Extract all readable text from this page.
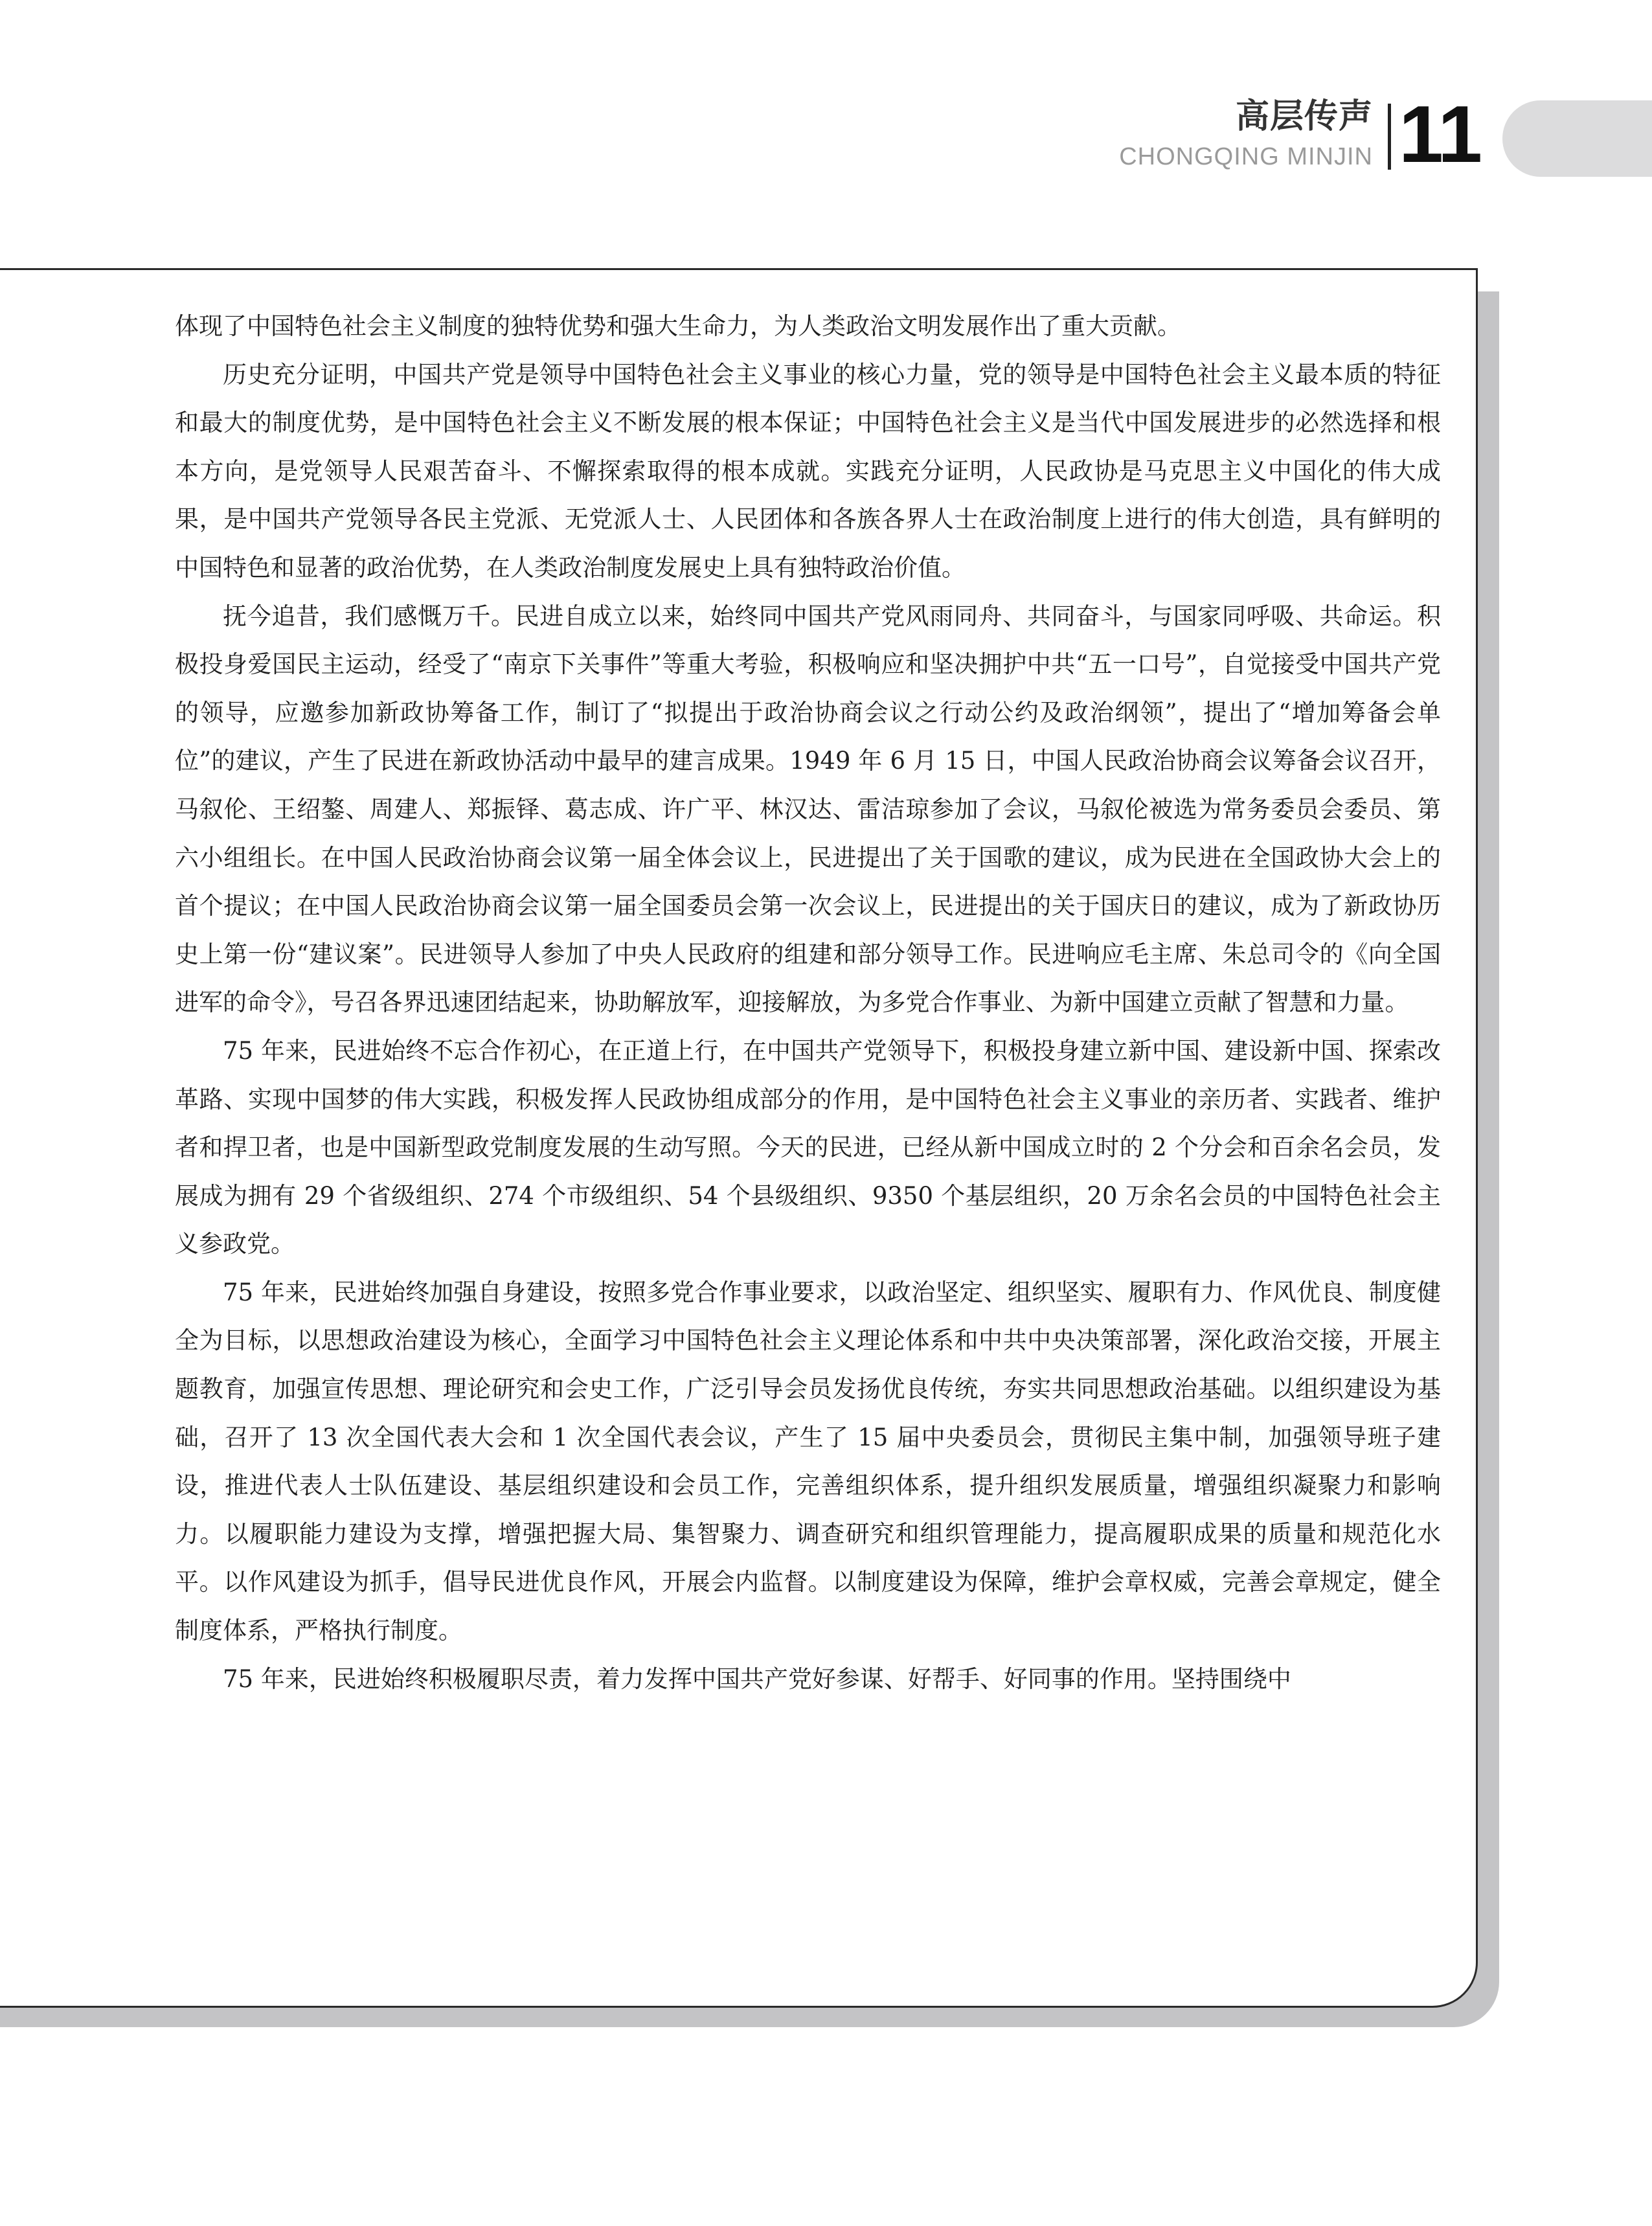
高层传声
CHONGQING MINJIN 11

体现了中国特色社会主义制度的独特优势和强大生命力，为人类政治文明发展作出了重大贡献。

历史充分证明，中国共产党是领导中国特色社会主义事业的核心力量，党的领导是中国特色社会主义最本质的特征和最大的制度优势，是中国特色社会主义不断发展的根本保证；中国特色社会主义是当代中国发展进步的必然选择和根本方向，是党领导人民艰苦奋斗、不懈探索取得的根本成就。实践充分证明，人民政协是马克思主义中国化的伟大成果，是中国共产党领导各民主党派、无党派人士、人民团体和各族各界人士在政治制度上进行的伟大创造，具有鲜明的中国特色和显著的政治优势，在人类政治制度发展史上具有独特政治价值。

抚今追昔，我们感慨万千。民进自成立以来，始终同中国共产党风雨同舟、共同奋斗，与国家同呼吸、共命运。积极投身爱国民主运动，经受了“南京下关事件”等重大考验，积极响应和坚决拥护中共“五一口号”，自觉接受中国共产党的领导，应邀参加新政协筹备工作，制订了“拟提出于政治协商会议之行动公约及政治纲领”，提出了“增加筹备会单位”的建议，产生了民进在新政协活动中最早的建言成果。1949 年 6 月 15 日，中国人民政治协商会议筹备会议召开，马叙伦、王绍鏊、周建人、郑振铎、葛志成、许广平、林汉达、雷洁琼参加了会议，马叙伦被选为常务委员会委员、第六小组组长。在中国人民政治协商会议第一届全体会议上，民进提出了关于国歌的建议，成为民进在全国政协大会上的首个提议；在中国人民政治协商会议第一届全国委员会第一次会议上，民进提出的关于国庆日的建议，成为了新政协历史上第一份“建议案”。民进领导人参加了中央人民政府的组建和部分领导工作。民进响应毛主席、朱总司令的《向全国进军的命令》，号召各界迅速团结起来，协助解放军，迎接解放，为多党合作事业、为新中国建立贡献了智慧和力量。

75 年来，民进始终不忘合作初心，在正道上行，在中国共产党领导下，积极投身建立新中国、建设新中国、探索改革路、实现中国梦的伟大实践，积极发挥人民政协组成部分的作用，是中国特色社会主义事业的亲历者、实践者、维护者和捍卫者，也是中国新型政党制度发展的生动写照。今天的民进，已经从新中国成立时的 2 个分会和百余名会员，发展成为拥有 29 个省级组织、274 个市级组织、54 个县级组织、9350 个基层组织，20 万余名会员的中国特色社会主义参政党。

75 年来，民进始终加强自身建设，按照多党合作事业要求，以政治坚定、组织坚实、履职有力、作风优良、制度健全为目标，以思想政治建设为核心，全面学习中国特色社会主义理论体系和中共中央决策部署，深化政治交接，开展主题教育，加强宣传思想、理论研究和会史工作，广泛引导会员发扬优良传统，夯实共同思想政治基础。以组织建设为基础，召开了 13 次全国代表大会和 1 次全国代表会议，产生了 15 届中央委员会，贯彻民主集中制，加强领导班子建设，推进代表人士队伍建设、基层组织建设和会员工作，完善组织体系，提升组织发展质量，增强组织凝聚力和影响力。以履职能力建设为支撑，增强把握大局、集智聚力、调查研究和组织管理能力，提高履职成果的质量和规范化水平。以作风建设为抓手，倡导民进优良作风，开展会内监督。以制度建设为保障，维护会章权威，完善会章规定，健全制度体系，严格执行制度。

75 年来，民进始终积极履职尽责，着力发挥中国共产党好参谋、好帮手、好同事的作用。坚持围绕中
